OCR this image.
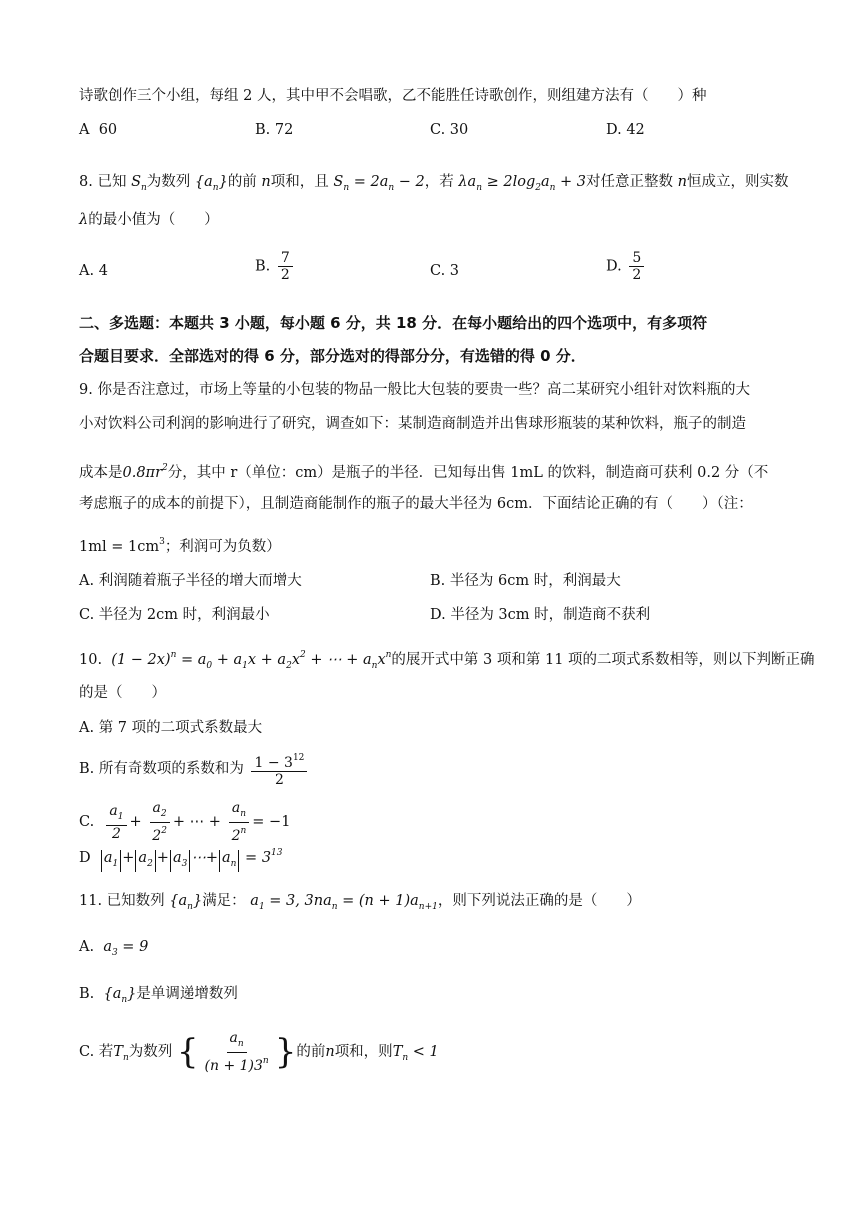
诗歌创作三个小组，每组 2 人，其中甲不会唱歌，乙不能胜任诗歌创作，则组建方法有（　　）种
A 60	B. 72	C. 30	D. 42
8. 已知 $S_n$为数列 $\{a_n\}$的前 n项和，且 $S_n = 2a_n - 2$，若 $\lambda a_n \ge 2\log_2a_n + 3$对任意正整数 n恒成立，则实数
λ的最小值为（　　）
A. 4	B. $\frac{7}{2}$	C. 3	D. $\frac{5}{2}$
二、多选题：本题共 3 小题，每小题 6 分，共 18 分．在每小题给出的四个选项中，有多项符
合题目要求．全部选对的得 6 分，部分选对的得部分分，有选错的得 0 分．
9. 你是否注意过，市场上等量的小包装的物品一般比大包装的要贵一些？高二某研究小组针对饮料瓶的大
小对饮料公司利润的影响进行了研究，调查如下：某制造商制造并出售球形瓶装的某种饮料，瓶子的制造
成本是$0.8\pi r^2$分，其中 r（单位：cm）是瓶子的半径．已知每出售 1mL 的饮料，制造商可获利 0.2 分（不
考虑瓶子的成本的前提下），且制造商能制作的瓶子的最大半径为 6cm．下面结论正确的有（　　）（注：
$1ml = 1cm^3$；利润可为负数）
A. 利润随着瓶子半径的增大而增大	B. 半径为 6cm 时，利润最大
C. 半径为 2cm 时，利润最小	D. 半径为 3cm 时，制造商不获利
10. $(1 - 2x)^n = a_0 + a_1x + a_2x^2$ + ⋯ + $a_nx^n$的展开式中第 3 项和第 11 项的二项式系数相等，则以下判断正确
的是（　　）
A. 第 7 项的二项式系数最大
B. 所有奇数项的系数和为 $\frac{1 - 3^{12}}{2}$
C. $\frac{a_1}{2} + \frac{a_2}{2^2}$ + ⋯ + $\frac{a_n}{2^n} = -1$
D $a_1 + a_2 + a_3$ ⋯+ $a_n = 3^{13}$
11. 已知数列 $\{a_n\}$满足： $a_1 = 3$, $3na_n = (n + 1)a_{n+1}$，则下列说法正确的是（　　）
A. $a_3 = 9$
B. $\{a_n\}$是单调递增数列
C. 若$T_n$为数列 { $\frac{a_n}{(n + 1)3^n}$ }的前n项和，则$T_n < 1$
